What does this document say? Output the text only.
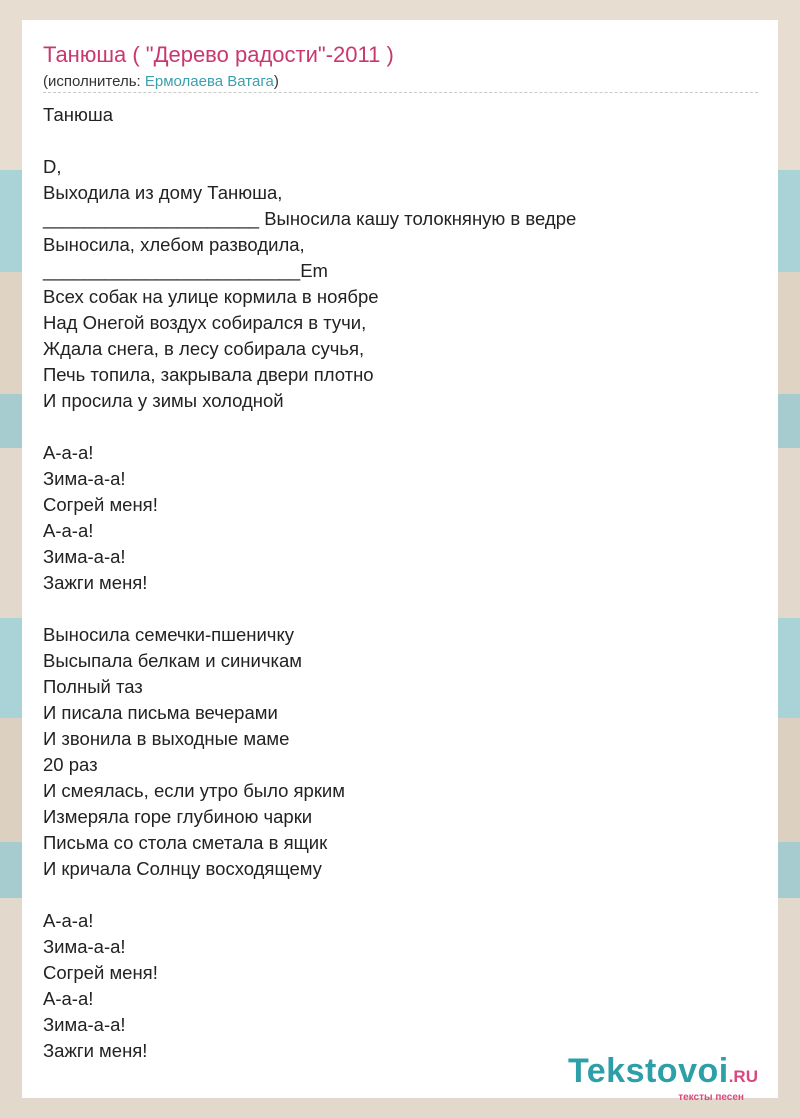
Танюша ( "Дерево радости"-2011 )
(исполнитель: Ермолаева Ватага)
Танюша
D,
Выходила из дому Танюша,
_____________________ Выносила кашу толокняную в ведре
Выносила, хлебом разводила,
_________________________Em
Всех собак на улице кормила в ноябре
Над Онегой воздух собирался в тучи,
Ждала снега, в лесу собирала сучья,
Печь топила, закрывала двери плотно
И просила у зимы холодной
А-а-а!
Зима-а-а!
Согрей меня!
А-а-а!
Зима-а-а!
Зажги меня!
Выносила семечки-пшеничку
Высыпала белкам и синичкам
Полный таз
И писала письма вечерами
И звонила в выходные маме
20 раз
И смеялась, если утро было ярким
Измеряла горе глубиною чарки
Письма со стола сметала в ящик
И кричала Солнцу восходящему
А-а-а!
Зима-а-а!
Согрей меня!
А-а-а!
Зима-а-а!
Зажги меня!
Tekstovoi.RU
тексты песен
